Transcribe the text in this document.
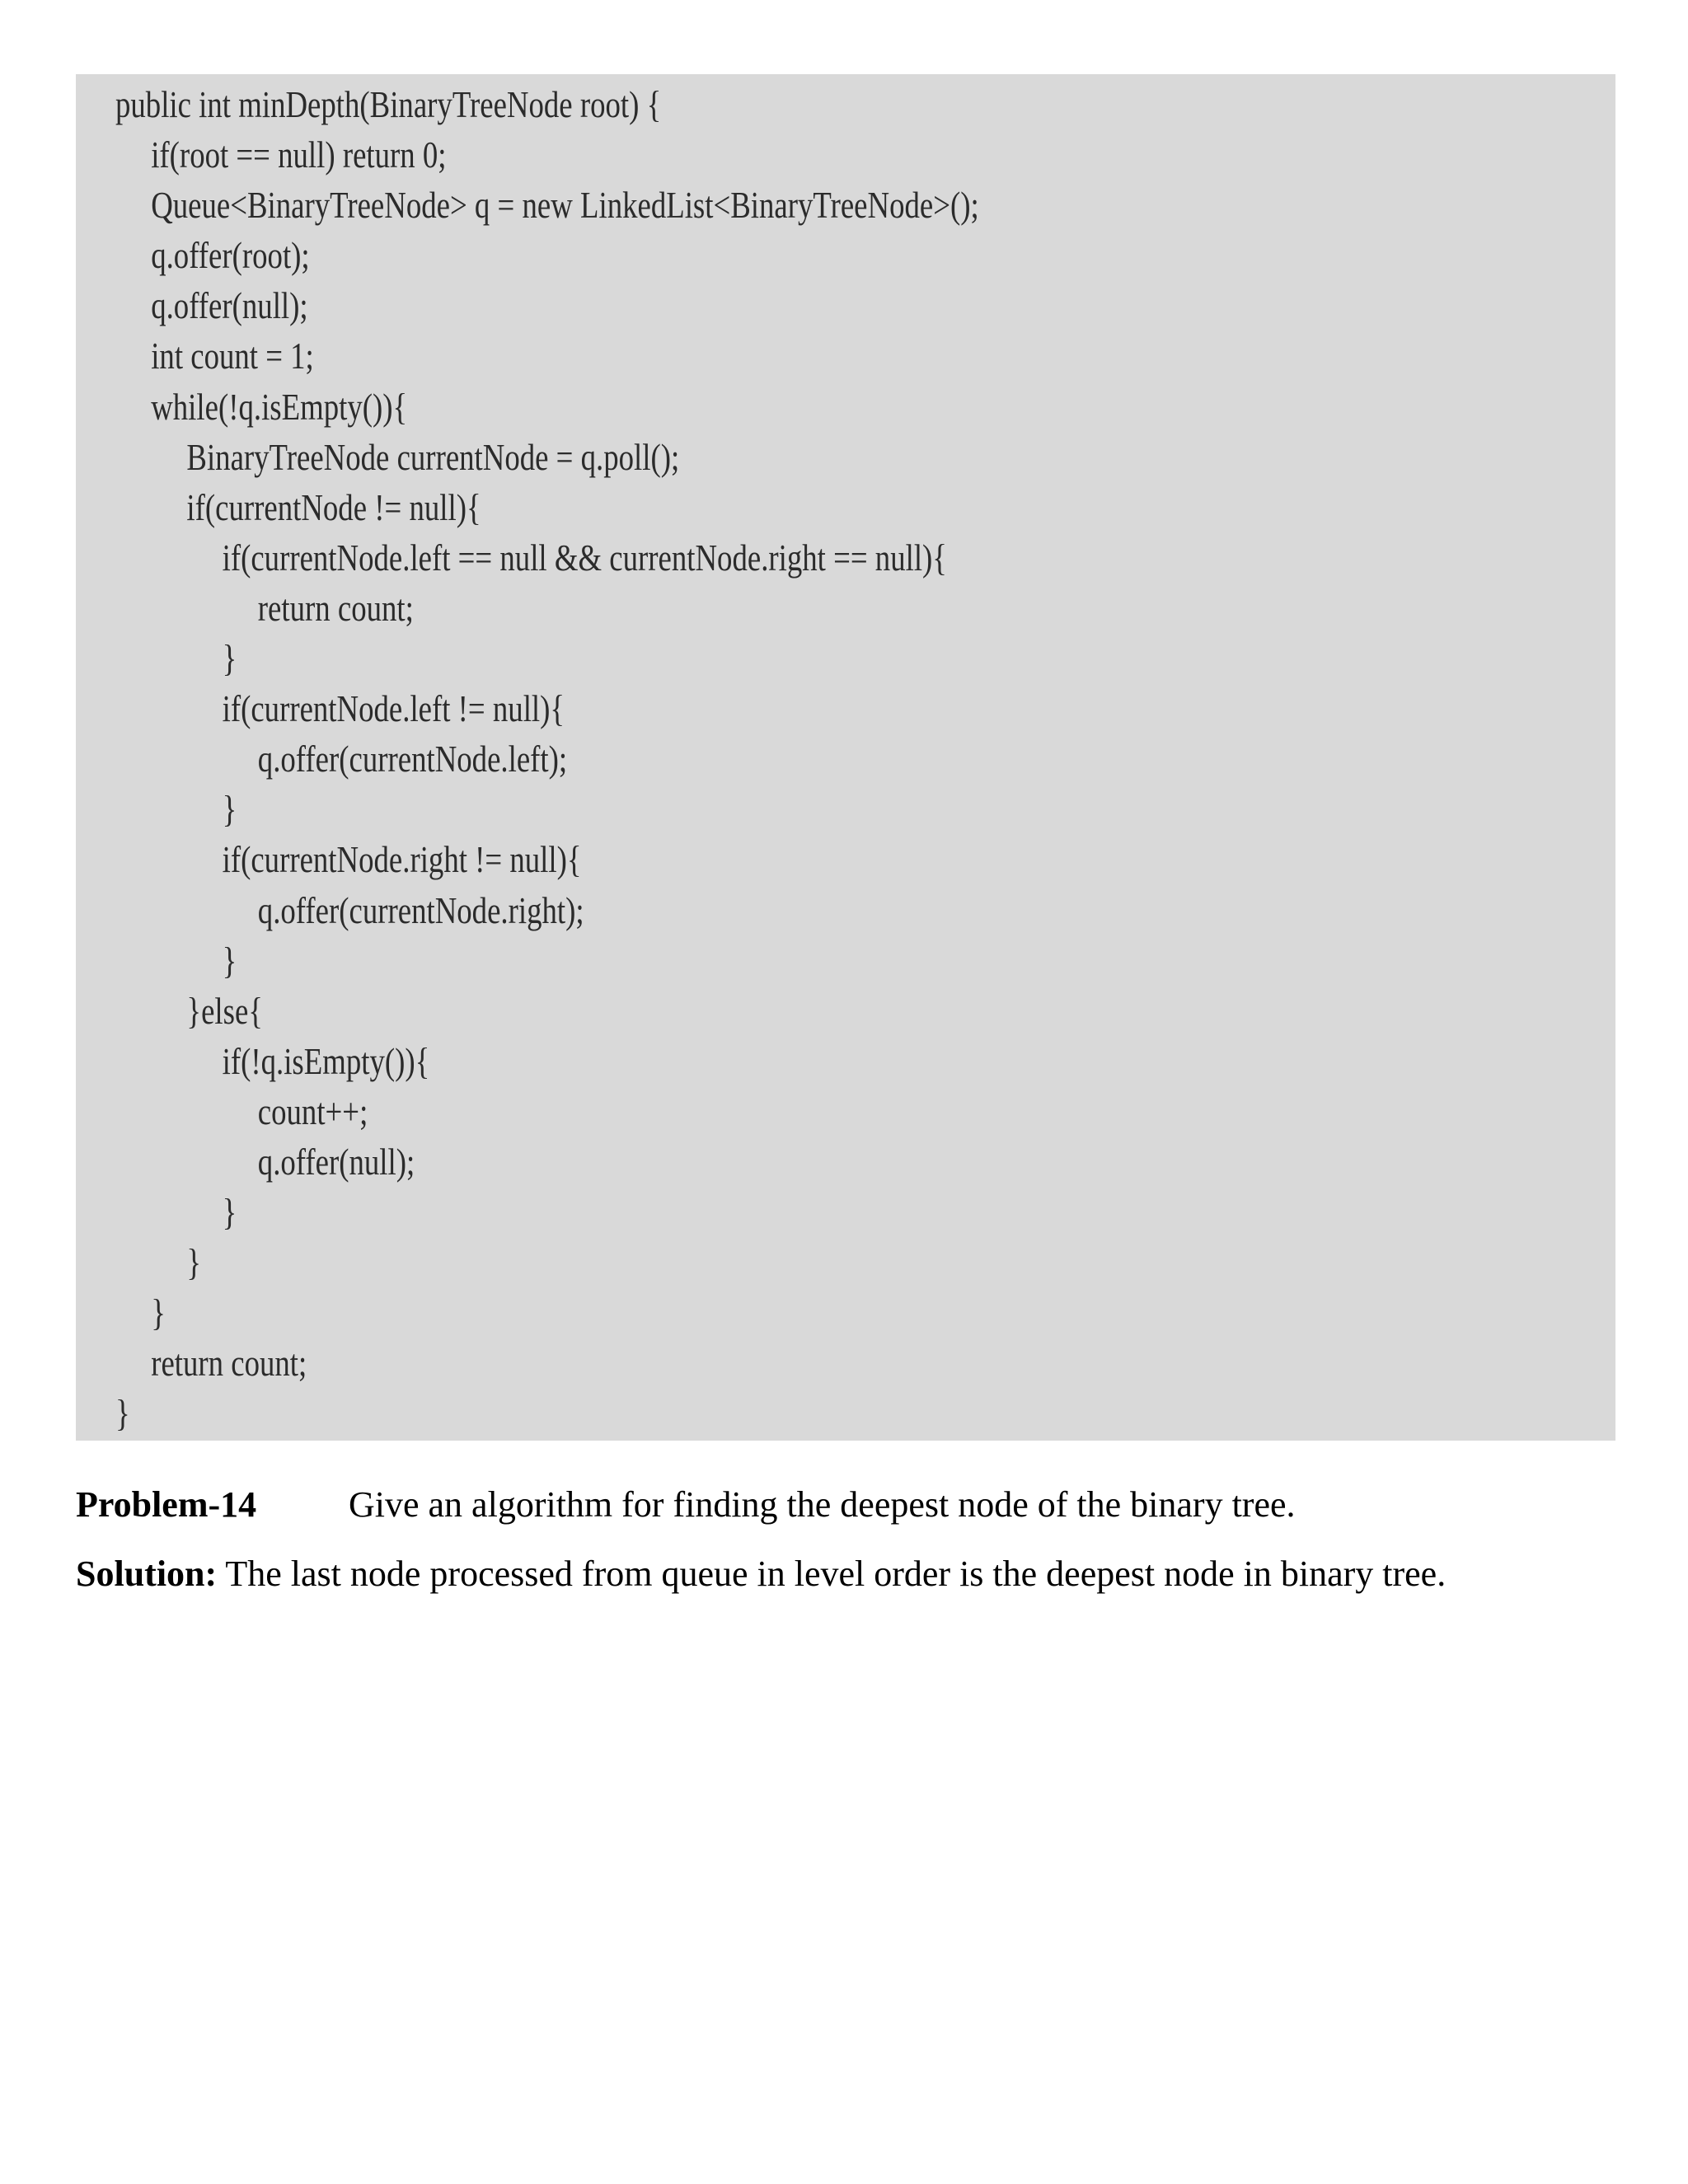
public int minDepth(BinaryTreeNode root) {
if(root == null) return 0;
Queue<BinaryTreeNode> q = new LinkedList<BinaryTreeNode>();
q.offer(root);
q.offer(null);
int count = 1;
while(!q.isEmpty()){
BinaryTreeNode currentNode = q.poll();
if(currentNode != null){
if(currentNode.left == null && currentNode.right == null){
return count;
}
if(currentNode.left != null){
q.offer(currentNode.left);
}
if(currentNode.right != null){
q.offer(currentNode.right);
}
}else{
if(!q.isEmpty()){
count++;
q.offer(null);
}
}
}
return count;
}
Problem-14	Give an algorithm for finding the deepest node of the binary tree.
Solution: The last node processed from queue in level order is the deepest node in binary tree.
